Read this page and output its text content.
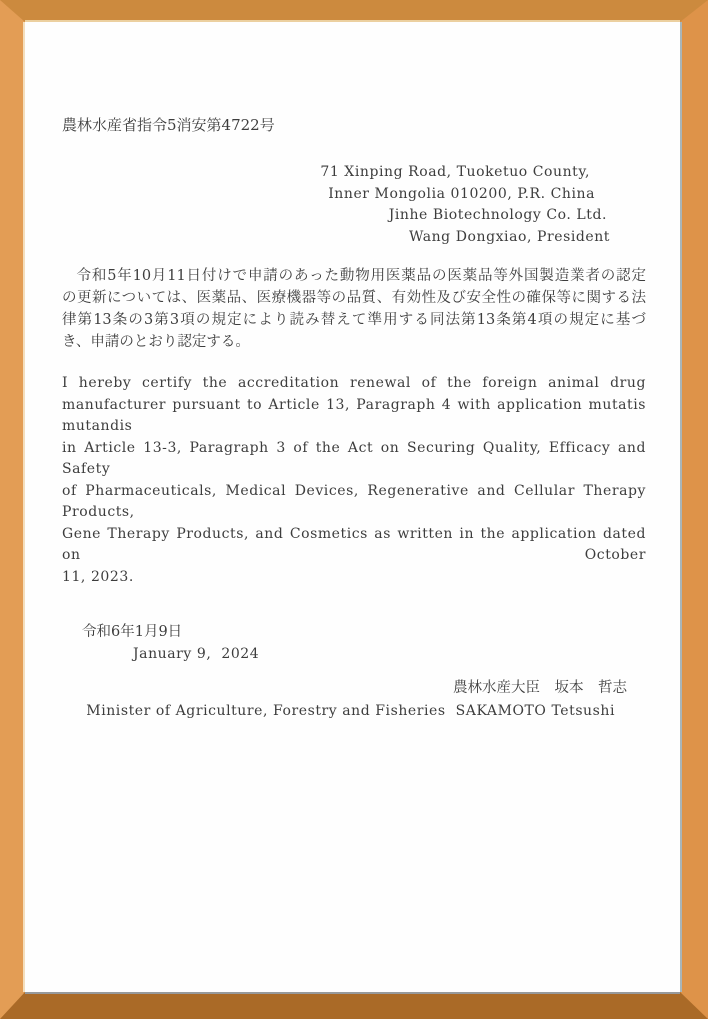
農林水産省指令5消安第4722号
71 Xinping Road, Tuoketuo County,
Inner Mongolia 010200, P.R. China
Jinhe Biotechnology Co. Ltd.
Wang Dongxiao, President
令和5年10月11日付けで申請のあった動物用医薬品の医薬品等外国製造業者の認定
の更新については、医薬品、医療機器等の品質、有効性及び安全性の確保等に関する法
律第13条の3第3項の規定により読み替えて準用する同法第13条第4項の規定に基づ
き、申請のとおり認定する。
I hereby certify the accreditation renewal of the foreign animal drug
manufacturer pursuant to Article 13, Paragraph 4 with application mutatis mutandis
in Article 13-3, Paragraph 3 of the Act on Securing Quality, Efficacy and Safety
of Pharmaceuticals, Medical Devices, Regenerative and Cellular Therapy Products,
Gene Therapy Products, and Cosmetics as written in the application dated on October
11, 2023.
令和6年1月9日
January 9,  2024
農林水産大臣　坂本　哲志
Minister of Agriculture, Forestry and Fisheries  SAKAMOTO Tetsushi
